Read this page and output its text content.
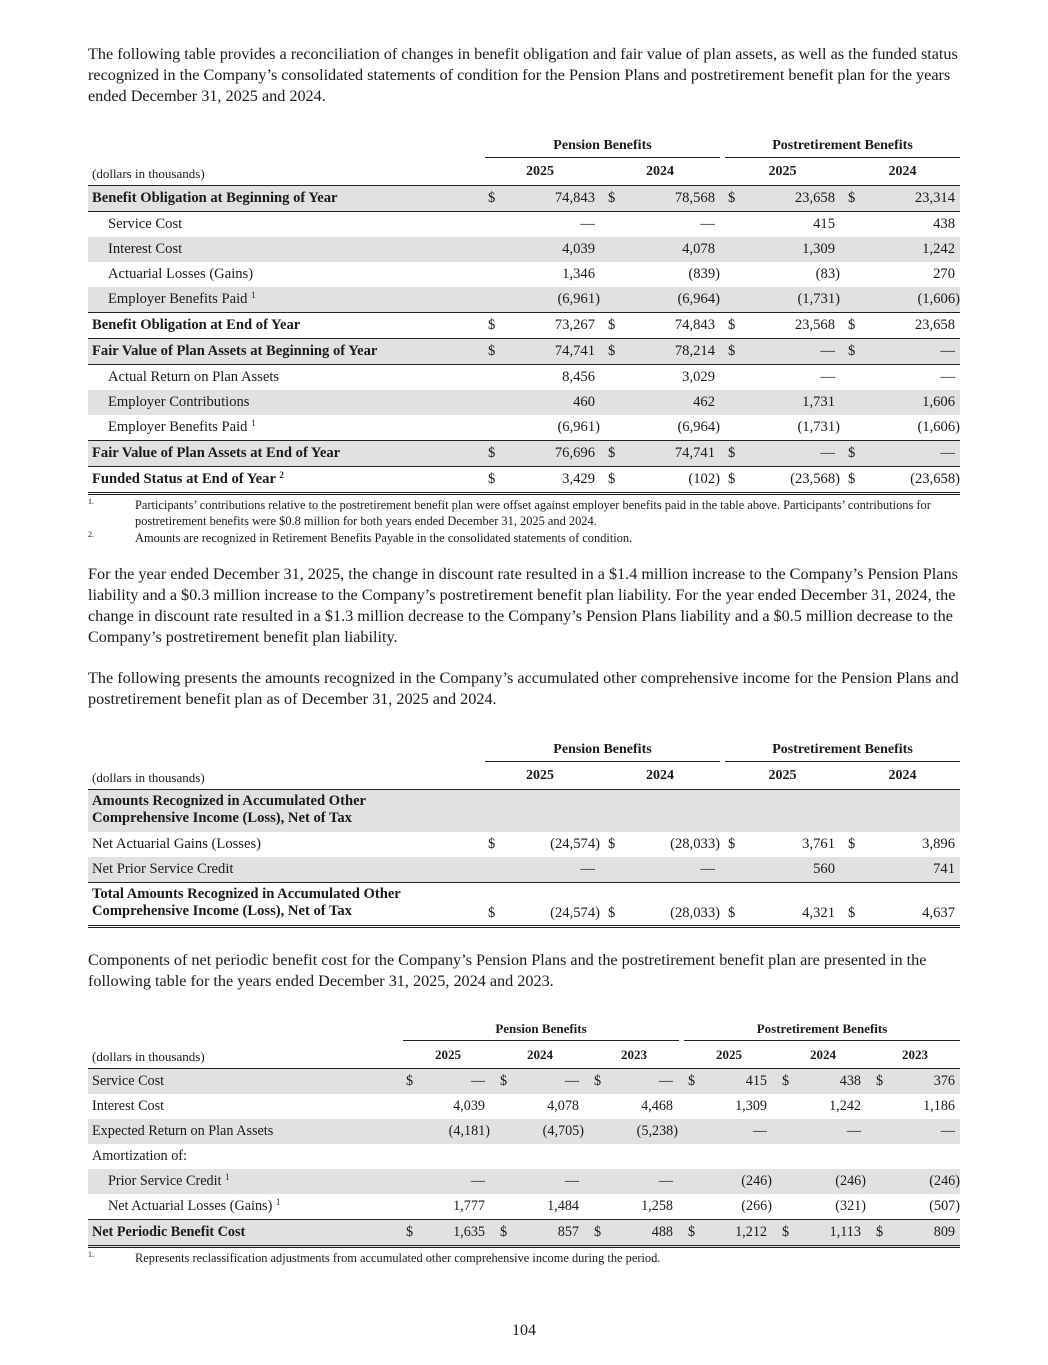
The following table provides a reconciliation of changes in benefit obligation and fair value of plan assets, as well as the funded status recognized in the Company’s consolidated statements of condition for the Pension Plans and postretirement benefit plan for the years ended December 31, 2025 and 2024.

Pension Benefits	Postretirement Benefits
(dollars in thousands)	2025	2024	2025	2024
Benefit Obligation at Beginning of Year	$	74,843 $	78,568 $	23,658 $	23,314
Service Cost	—	—	415	438
Interest Cost	4,039	4,078	1,309	1,242
Actuarial Losses (Gains)	1,346	(839)	(83)	270
Employer Benefits Paid $^1$	(6,961)	(6,964)	(1,731)	(1,606)
Benefit Obligation at End of Year	$	73,267 $	74,843 $	23,568 $	23,658
Fair Value of Plan Assets at Beginning of Year	$	74,741 $	78,214 $	— $	—
Actual Return on Plan Assets	8,456	3,029	—	—
Employer Contributions	460	462	1,731	1,606
Employer Benefits Paid $^1$	(6,961)	(6,964)	(1,731)	(1,606)
Fair Value of Plan Assets at End of Year	$	76,696 $	74,741 $	— $	—
Funded Status at End of Year $^2$	$	3,429 $	(102) $	(23,568) $	(23,658)
1.	Participants’ contributions relative to the postretirement benefit plan were offset against employer benefits paid in the table above. Participants’ contributions for postretirement benefits were $0.8 million for both years ended December 31, 2025 and 2024.
2.	Amounts are recognized in Retirement Benefits Payable in the consolidated statements of condition.

For the year ended December 31, 2025, the change in discount rate resulted in a $1.4 million increase to the Company’s Pension Plans liability and a $0.3 million increase to the Company’s postretirement benefit plan liability. For the year ended December 31, 2024, the change in discount rate resulted in a $1.3 million decrease to the Company’s Pension Plans liability and a $0.5 million decrease to the Company’s postretirement benefit plan liability.

The following presents the amounts recognized in the Company’s accumulated other comprehensive income for the Pension Plans and postretirement benefit plan as of December 31, 2025 and 2024.

Pension Benefits	Postretirement Benefits
(dollars in thousands)	2025	2024	2025	2024
Amounts Recognized in Accumulated Other
Comprehensive Income (Loss), Net of Tax
Net Actuarial Gains (Losses)	$	(24,574) $	(28,033) $	3,761 $	3,896
Net Prior Service Credit	—	—	560	741
Total Amounts Recognized in Accumulated Other
Comprehensive Income (Loss), Net of Tax	$	(24,574) $	(28,033) $	4,321 $	4,637

Components of net periodic benefit cost for the Company’s Pension Plans and the postretirement benefit plan are presented in the following table for the years ended December 31, 2025, 2024 and 2023.

Pension Benefits	Postretirement Benefits
(dollars in thousands)	2025	2024	2023	2025	2024	2023
Service Cost	$	— $	— $	— $	415 $	438 $	376
Interest Cost	4,039	4,078	4,468	1,309	1,242	1,186
Expected Return on Plan Assets	(4,181)	(4,705)	(5,238)	—	—	—
Amortization of:
Prior Service Credit $^1$	—	—	—	(246)	(246)	(246)
Net Actuarial Losses (Gains) $^1$	1,777	1,484	1,258	(266)	(321)	(507)
Net Periodic Benefit Cost	$	1,635 $	857 $	488 $	1,212 $	1,113 $	809
1.	Represents reclassification adjustments from accumulated other comprehensive income during the period.
104
